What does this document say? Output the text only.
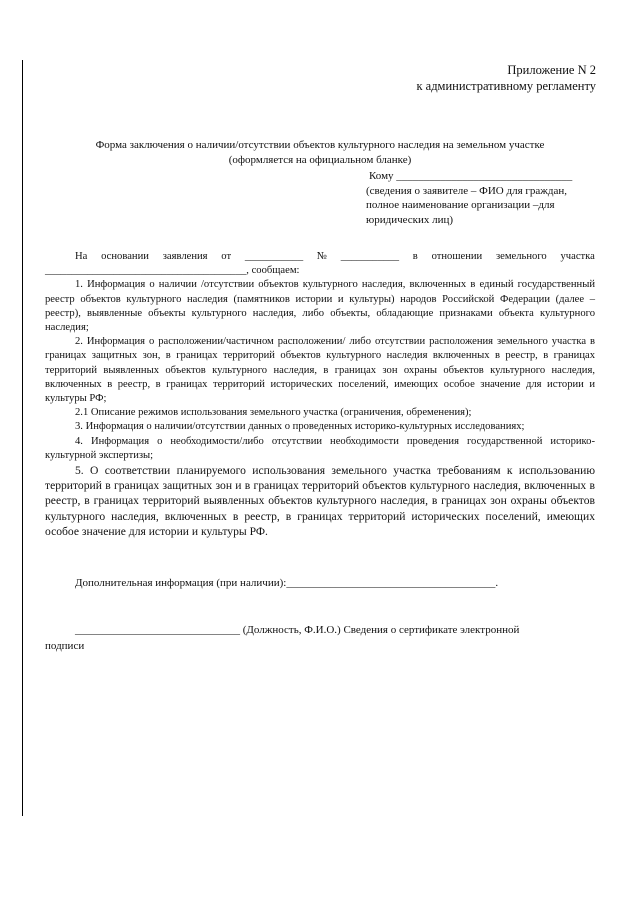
Приложение N 2
к административному регламенту
Форма заключения о наличии/отсутствии объектов культурного наследия на земельном участке
(оформляется на официальном бланке)
Кому ________________________________
(сведения о заявителе – ФИО для граждан,
полное наименование организации –для
юридических лиц)
На основании заявления от ___________ № ___________ в отношении земельного участка

______________________________________, сообщаем:

1. Информация о наличии /отсутствии объектов культурного наследия, включенных в единый государственный реестр объектов культурного наследия (памятников истории и культуры) народов Российской Федерации (далее – реестр), выявленные объекты культурного наследия, либо объекты, обладающие признаками объекта культурного наследия;

2. Информация о расположении/частичном расположении/ либо отсутствии расположения земельного участка в границах защитных зон, в границах территорий объектов культурного наследия включенных в реестр, в границах территорий выявленных объектов культурного наследия, в границах зон охраны объектов культурного наследия, включенных в реестр, в границах территорий исторических поселений, имеющих особое значение для истории и культуры РФ;

2.1 Описание режимов использования земельного участка (ограничения, обременения);

3. Информация о наличии/отсутствии данных о проведенных историко-культурных исследованиях;

4. Информация о необходимости/либо отсутствии необходимости проведения государственной историко-культурной экспертизы;

5. О соответствии планируемого использования земельного участка требованиям к использованию территорий в границах защитных зон и в границах территорий объектов культурного наследия, включенных в реестр, в границах территорий выявленных объектов культурного наследия, в границах зон охраны объектов культурного наследия, включенных в реестр, в границах территорий исторических поселений, имеющих особое значение для истории и культуры РФ.

Дополнительная информация (при наличии):______________________________________.
______________________________ (Должность, Ф.И.О.) Сведения о сертификате электронной
подписи
